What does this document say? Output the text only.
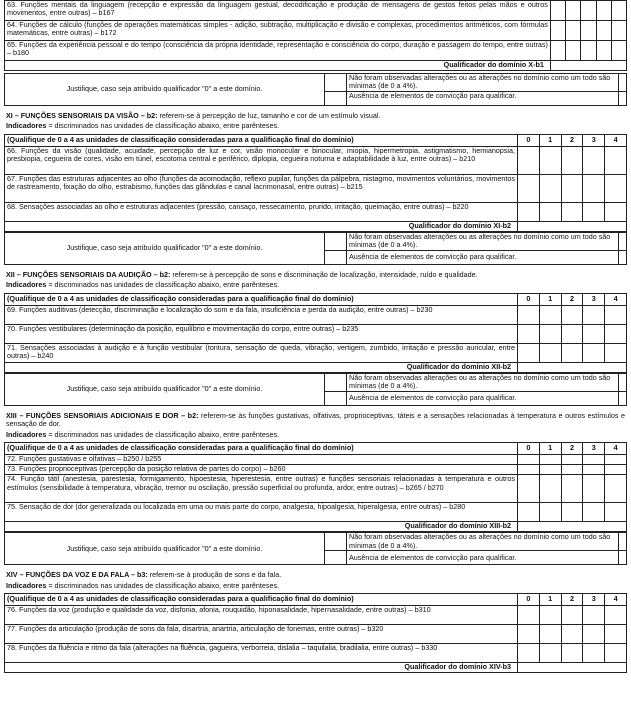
63. Funções mentais da linguagem (recepção e expressão da linguagem gestual, decodificação e produção de mensagens de gestos feitos pelas mãos e outros movimentos, entre outras) – b167					
64. Funções de cálculo (funções de operações matemáticas simples - adição, subtração, multiplicação e divisão e complexas, procedimentos aritméticos, com fórmulas matemáticas, entre outras) – b172					
65. Funções da experiência pessoal e do tempo (consciência da própria identidade, representação e consciência do corpo, duração e passagem do tempo, entre outras) – b180					
Qualificador do domínio X-b1					
Justifique, caso seja atribuído qualificador "0" a este domínio.		Não foram observadas alterações ou as alterações no domínio como um todo são mínimas (de 0 a 4%).	
		Ausência de elementos de convicção para qualificar.	
XI – FUNÇÕES SENSORIAIS DA VISÃO – b2: referem-se à percepção de luz, tamanho e cor de um estímulo visual.
Indicadores = discriminados nas unidades de classificação abaixo, entre parênteses.
(Qualifique de 0 a 4 as unidades de classificação consideradas para a qualificação final do domínio)	0	1	2	3	4
66. Funções da visão (qualidade, acuidade, percepção de luz e cor, visão monocular e binocular, miopia, hipermetropia, astigmatismo, hemianopsia, presbiopia, cegueira de cores, visão em túnel, escotoma central e periférico, diplopia, cegueira noturna e adaptabilidade à luz, entre outras) – b210					
67. Funções das estruturas adjacentes ao olho (funções da acomodação, reflexo pupilar, funções da pálpebra, nistagmo, movimentos voluntários, movimentos de rastreamento, fixação do olho, estrabismo, funções das glândulas e canal lacrimonasal, entre outras) – b215					
68. Sensações associadas ao olho e estruturas adjacentes (pressão, cansaço, ressecamento, prurido, irritação, queimação, entre outras) – b220					
Qualificador do domínio XI-b2					
Justifique, caso seja atribuído qualificador "0" a este domínio.		Não foram observadas alterações ou as alterações no domínio como um todo são mínimas (de 0 a 4%).	
		Ausência de elementos de convicção para qualificar.	
XII – FUNÇÕES SENSORIAIS DA AUDIÇÃO – b2: referem-se à percepção de sons e discriminação de localização, intensidade, ruído e qualidade.
Indicadores = discriminados nas unidades de classificação abaixo, entre parênteses.
(Qualifique de 0 a 4 as unidades de classificação consideradas para a qualificação final do domínio)	0	1	2	3	4
69. Funções auditivas (detecção, discriminação e localização do som e da fala, insuficiência e perda da audição, entre outras) – b230					
70. Funções vestibulares (determinação da posição, equilíbrio e movimentação do corpo, entre outras) – b235					
71. Sensações associadas à audição e à função vestibular (tontura, sensação de queda, vibração, vertigem, zumbido, irritação e pressão auricular, entre outras) – b240					
Qualificador do domínio XII-b2					
Justifique, caso seja atribuído qualificador "0" a este domínio.		Não foram observadas alterações ou as alterações no domínio como um todo são mínimas (de 0 a 4%).	
		Ausência de elementos de convicção para qualificar.	
XIII – FUNÇÕES SENSORIAIS ADICIONAIS E DOR – b2: referem-se às funções gustativas, olfativas, proprioceptivas, táteis e a sensações relacionadas à temperatura e outros estímulos e sensação de dor.
Indicadores = discriminados nas unidades de classificação abaixo, entre parênteses.
(Qualifique de 0 a 4 as unidades de classificação consideradas para a qualificação final do domínio)	0	1	2	3	4
72. Funções gustativas e olfativas – b250 / b255					
73. Funções proprioceptivas (percepção da posição relativa de partes do corpo) – b260					
74. Função tátil (anestesia, parestesia, formigamento, hipoestesia, hiperestesia, entre outras) e funções sensoriais relacionadas à temperatura e outros estímulos (sensibilidade à temperatura, vibração, tremor ou oscilação, pressão superficial ou profunda, ardor, entre outras) – b265 / b270					
75. Sensação de dor (dor generalizada ou localizada em uma ou mais parte do corpo, analgesia, hipoalgesia, hiperalgesia, entre outras) – b280					
Qualificador do domínio XIII-b2					
Justifique, caso seja atribuído qualificador "0" a este domínio.		Não foram observadas alterações ou as alterações no domínio como um todo são mínimas (de 0 a 4%).	
		Ausência de elementos de convicção para qualificar.	
XIV – FUNÇÕES DA VOZ E DA FALA – b3: referem-se à produção de sons e da fala.
Indicadores = discriminados nas unidades de classificação abaixo, entre parênteses.
(Qualifique de 0 a 4 as unidades de classificação consideradas para a qualificação final do domínio)	0	1	2	3	4
76. Funções da voz (produção e qualidade da voz, disfonia, afonia, rouquidão, hiponasalidade, hipernasalidade, entre outras) – b310					
77. Funções da articulação (produção de sons da fala, disartria, anartria, articulação de fonemas, entre outras) – b320					
78. Funções da fluência e ritmo da fala (alterações na fluência, gagueira, verborreia, dislalia – taquilalia, bradilalia, entre outras) – b330					
Qualificador do domínio XIV-b3					
